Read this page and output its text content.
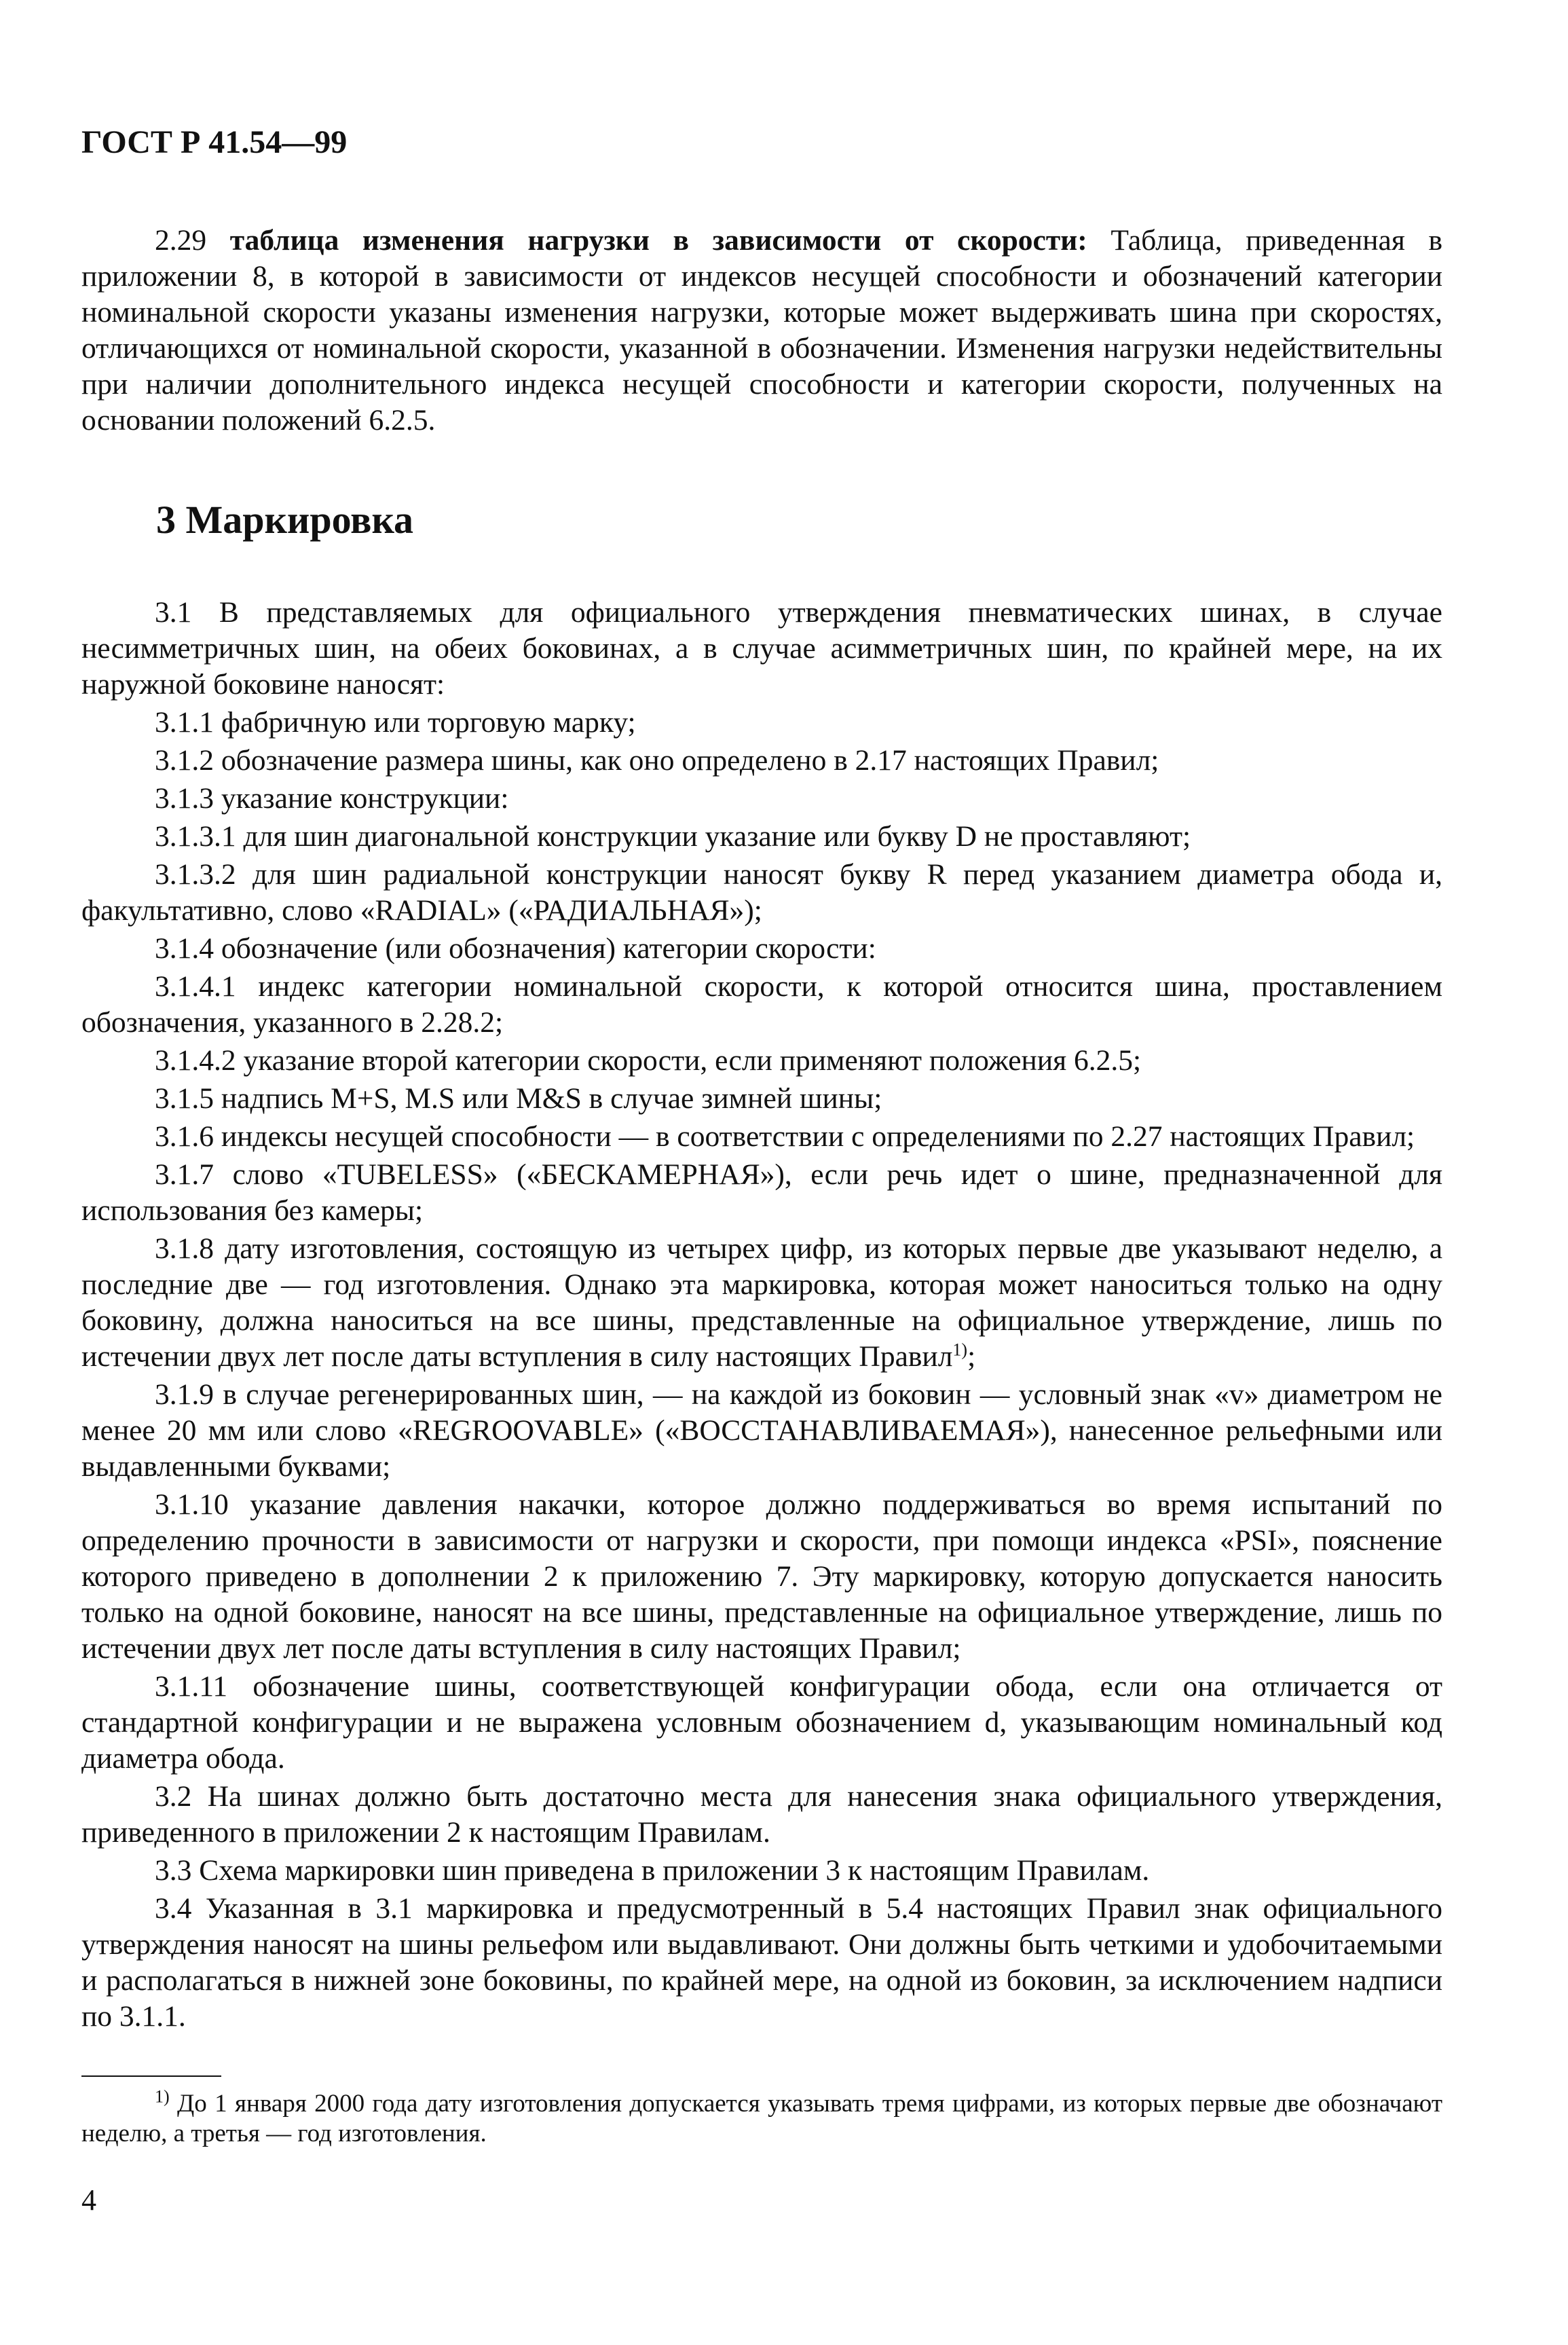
ГОСТ Р 41.54—99

2.29 таблица изменения нагрузки в зависимости от скорости: Таблица, приведенная в приложении 8, в которой в зависимости от индексов несущей способности и обозначений категории номинальной скорости указаны изменения нагрузки, которые может выдерживать шина при скоростях, отличающихся от номинальной скорости, указанной в обозначении. Изменения нагрузки недействительны при наличии дополнительного индекса несущей способности и категории скорости, полученных на основании положений 6.2.5.

3 Маркировка

3.1 В представляемых для официального утверждения пневматических шинах, в случае несимметричных шин, на обеих боковинах, а в случае асимметричных шин, по крайней мере, на их наружной боковине наносят:

3.1.1 фабричную или торговую марку;

3.1.2 обозначение размера шины, как оно определено в 2.17 настоящих Правил;

3.1.3 указание конструкции:

3.1.3.1 для шин диагональной конструкции указание или букву D не проставляют;

3.1.3.2 для шин радиальной конструкции наносят букву R перед указанием диаметра обода и, факультативно, слово «RADIAL» («РАДИАЛЬНАЯ»);

3.1.4 обозначение (или обозначения) категории скорости:

3.1.4.1 индекс категории номинальной скорости, к которой относится шина, проставлением обозначения, указанного в 2.28.2;

3.1.4.2 указание второй категории скорости, если применяют положения 6.2.5;

3.1.5 надпись M+S, M.S или M&S в случае зимней шины;

3.1.6 индексы несущей способности — в соответствии с определениями по 2.27 настоящих Правил;

3.1.7 слово «TUBELESS» («БЕСКАМЕРНАЯ»), если речь идет о шине, предназначенной для использования без камеры;

3.1.8 дату изготовления, состоящую из четырех цифр, из которых первые две указывают неделю, а последние две — год изготовления. Однако эта маркировка, которая может наноситься только на одну боковину, должна наноситься на все шины, представленные на официальное утверждение, лишь по истечении двух лет после даты вступления в силу настоящих Правил$^{1)}$;

3.1.9 в случае регенерированных шин, — на каждой из боковин — условный знак «v» диаметром не менее 20 мм или слово «REGROOVABLE» («ВОССТАНАВЛИВАЕМАЯ»), нанесенное рельефными или выдавленными буквами;

3.1.10 указание давления накачки, которое должно поддерживаться во время испытаний по определению прочности в зависимости от нагрузки и скорости, при помощи индекса «PSI», пояснение которого приведено в дополнении 2 к приложению 7. Эту маркировку, которую допускается наносить только на одной боковине, наносят на все шины, представленные на официальное утверждение, лишь по истечении двух лет после даты вступления в силу настоящих Правил;

3.1.11 обозначение шины, соответствующей конфигурации обода, если она отличается от стандартной конфигурации и не выражена условным обозначением d, указывающим номинальный код диаметра обода.

3.2 На шинах должно быть достаточно места для нанесения знака официального утверждения, приведенного в приложении 2 к настоящим Правилам.

3.3 Схема маркировки шин приведена в приложении 3 к настоящим Правилам.

3.4 Указанная в 3.1 маркировка и предусмотренный в 5.4 настоящих Правил знак официального утверждения наносят на шины рельефом или выдавливают. Они должны быть четкими и удобочитаемыми и располагаться в нижней зоне боковины, по крайней мере, на одной из боковин, за исключением надписи по 3.1.1.

$^{1)}$ До 1 января 2000 года дату изготовления допускается указывать тремя цифрами, из которых первые две обозначают неделю, а третья — год изготовления.

4
